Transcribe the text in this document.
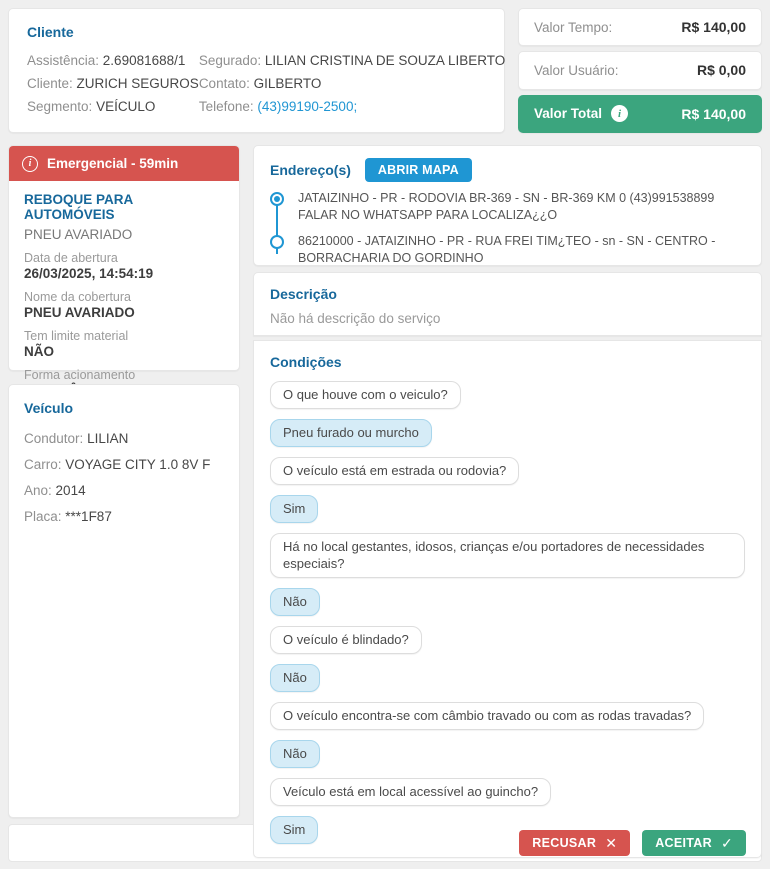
Cliente
Assistência: 2.69081688/1
Cliente: ZURICH SEGUROS
Segmento: VEÍCULO
Segurado: LILIAN CRISTINA DE SOUZA LIBERTO
Contato: GILBERTO
Telefone: (43)99190-2500;
Valor Tempo:	R$ 140,00
Valor Usuário:	R$ 0,00
Valor Total	i	R$ 140,00
i	Emergencial - 59min
REBOQUE PARA AUTOMÓVEIS
PNEU AVARIADO
Data de abertura
26/03/2025, 14:54:19
Nome da cobertura
PNEU AVARIADO
Tem limite material
NÃO
Forma acionamento
Veículo
Condutor: LILIAN
Carro: VOYAGE CITY 1.0 8V F
Ano: 2014
Placa: ***1F87
Endereço(s)	ABRIR MAPA
JATAIZINHO - PR - RODOVIA BR-369 - SN - BR-369 KM 0 (43)991538899 FALAR NO WHATSAPP PARA LOCALIZA¿¿O
86210000 - JATAIZINHO - PR - RUA FREI TIM¿TEO - sn - SN - CENTRO - BORRACHARIA DO GORDINHO
Descrição
Não há descrição do serviço
Condições
O que houve com o veiculo?
Pneu furado ou murcho
O veículo está em estrada ou rodovia?
Sim
Há no local gestantes, idosos, crianças e/ou portadores de necessidades especiais?
Não
O veículo é blindado?
Não
O veículo encontra-se com câmbio travado ou com as rodas travadas?
Não
Veículo está em local acessível ao guincho?
Sim
RECUSAR ✕	ACEITAR ✓
